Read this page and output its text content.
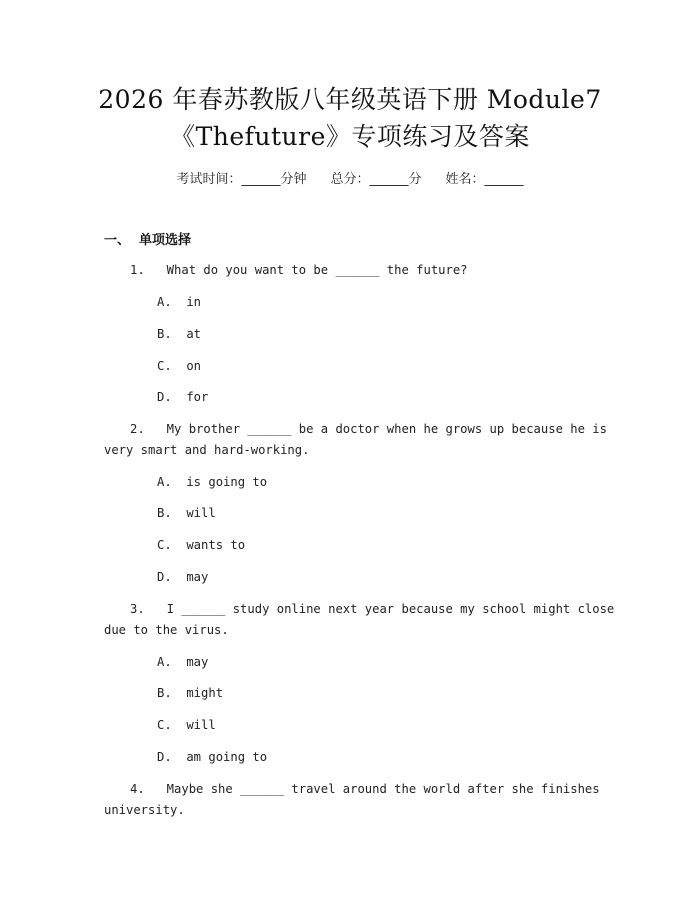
2026 年春苏教版八年级英语下册 Module7
《Thefuture》专项练习及答案
考试时间：______分钟 总分：______分 姓名：______
一、  单项选择
1.   What do you want to be ______ the future?
A.  in
B.  at
C.  on
D.  for
2.   My brother ______ be a doctor when he grows up because he is
very smart and hard-working.
A.  is going to
B.  will
C.  wants to
D.  may
3.   I ______ study online next year because my school might close
due to the virus.
A.  may
B.  might
C.  will
D.  am going to
4.   Maybe she ______ travel around the world after she finishes
university.
